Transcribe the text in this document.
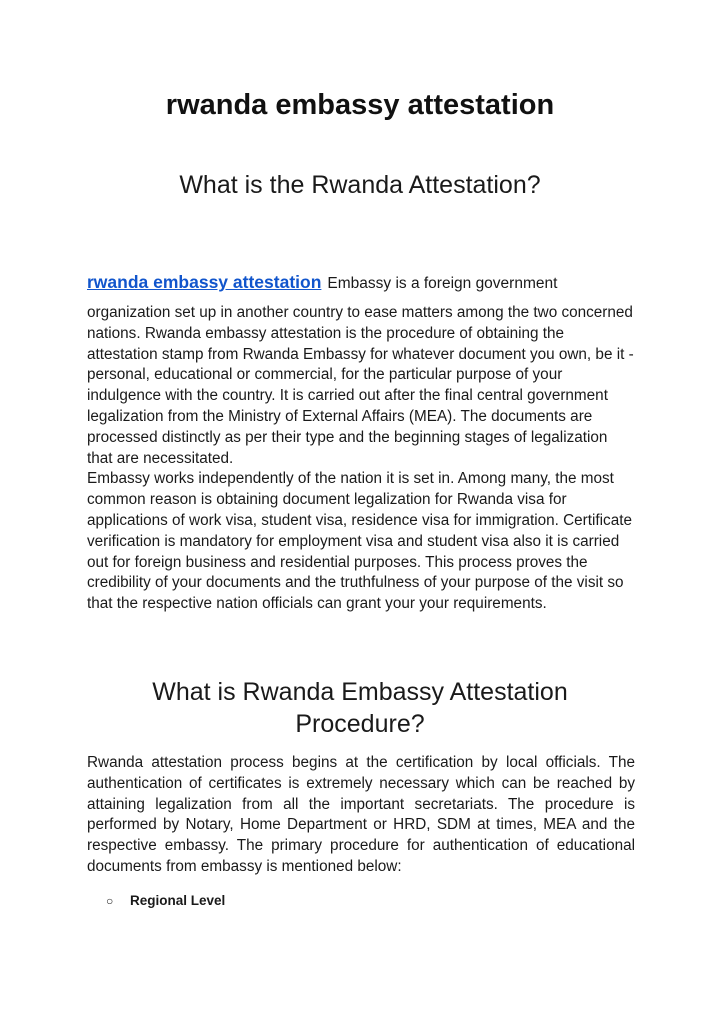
rwanda embassy attestation
What is the Rwanda Attestation?
rwanda embassy attestation Embassy is a foreign government
organization set up in another country to ease matters among the two concerned nations. Rwanda embassy attestation is the procedure of obtaining the attestation stamp from Rwanda Embassy for whatever document you own, be it - personal, educational or commercial, for the particular purpose of your indulgence with the country. It is carried out after the final central government legalization from the Ministry of External Affairs (MEA). The documents are processed distinctly as per their type and the beginning stages of legalization that are necessitated.
Embassy works independently of the nation it is set in. Among many, the most common reason is obtaining document legalization for Rwanda visa for applications of work visa, student visa, residence visa for immigration. Certificate verification is mandatory for employment visa and student visa also it is carried out for foreign business and residential purposes. This process proves the credibility of your documents and the truthfulness of your purpose of the visit so that the respective nation officials can grant your your requirements.
What is Rwanda Embassy Attestation Procedure?

Rwanda attestation process begins at the certification by local officials. The authentication of certificates is extremely necessary which can be reached by attaining legalization from all the important secretariats. The procedure is performed by Notary, Home Department or HRD, SDM at times, MEA and the respective embassy. The primary procedure for authentication of educational documents from embassy is mentioned below:

○ Regional Level
